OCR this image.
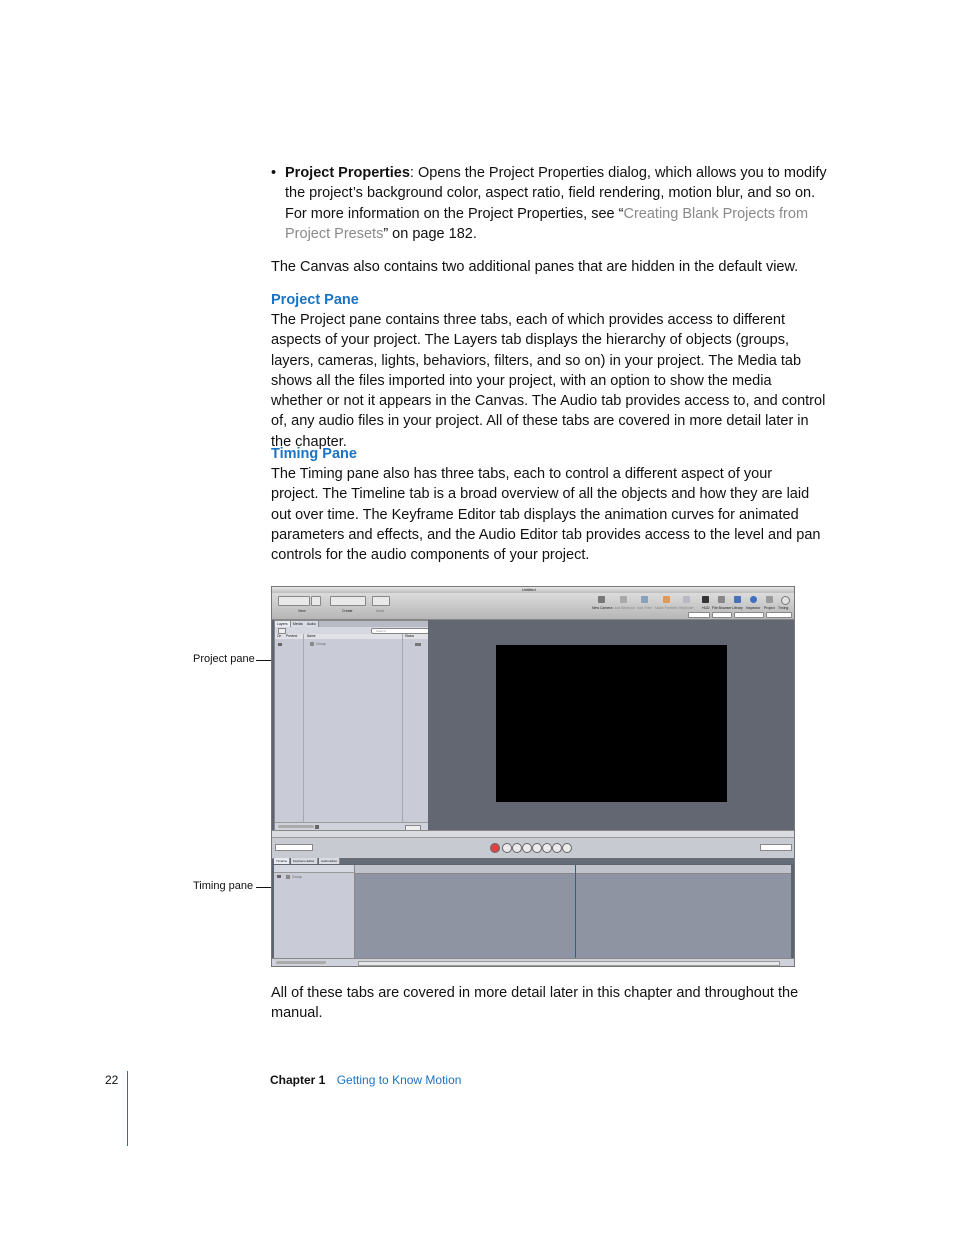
• Project Properties: Opens the Project Properties dialog, which allows you to modify the project’s background color, aspect ratio, field rendering, motion blur, and so on. For more information on the Project Properties, see “Creating Blank Projects from Project Presets” on page 182.
The Canvas also contains two additional panes that are hidden in the default view.
Project Pane
The Project pane contains three tabs, each of which provides access to different aspects of your project. The Layers tab displays the hierarchy of objects (groups, layers, cameras, lights, behaviors, filters, and so on) in your project. The Media tab shows all the files imported into your project, with an option to show the media whether or not it appears in the Canvas. The Audio tab provides access to, and control of, any audio files in your project. All of these tabs are covered in more detail later in the chapter.
Timing Pane
The Timing pane also has three tabs, each to control a different aspect of your project. The Timeline tab is a broad overview of all the objects and how they are laid out over time. The Keyframe Editor tab displays the animation curves for animated parameters and effects, and the Audio Editor tab provides access to the level and pan controls for the audio components of your project.
Project pane
Timing pane
Untitled
View	Create	Mask
New Camera Add Behavior Add Filter Make Particles Replicate HUD File Browser Library Inspector Project Timing
Layers	Media	Audio
Search
On Preview	Name	Status
Group
Timeline	Keyframe Editor	Audio Editor
Group
All of these tabs are covered in more detail later in this chapter and throughout the manual.
22	Chapter 1 Getting to Know Motion
